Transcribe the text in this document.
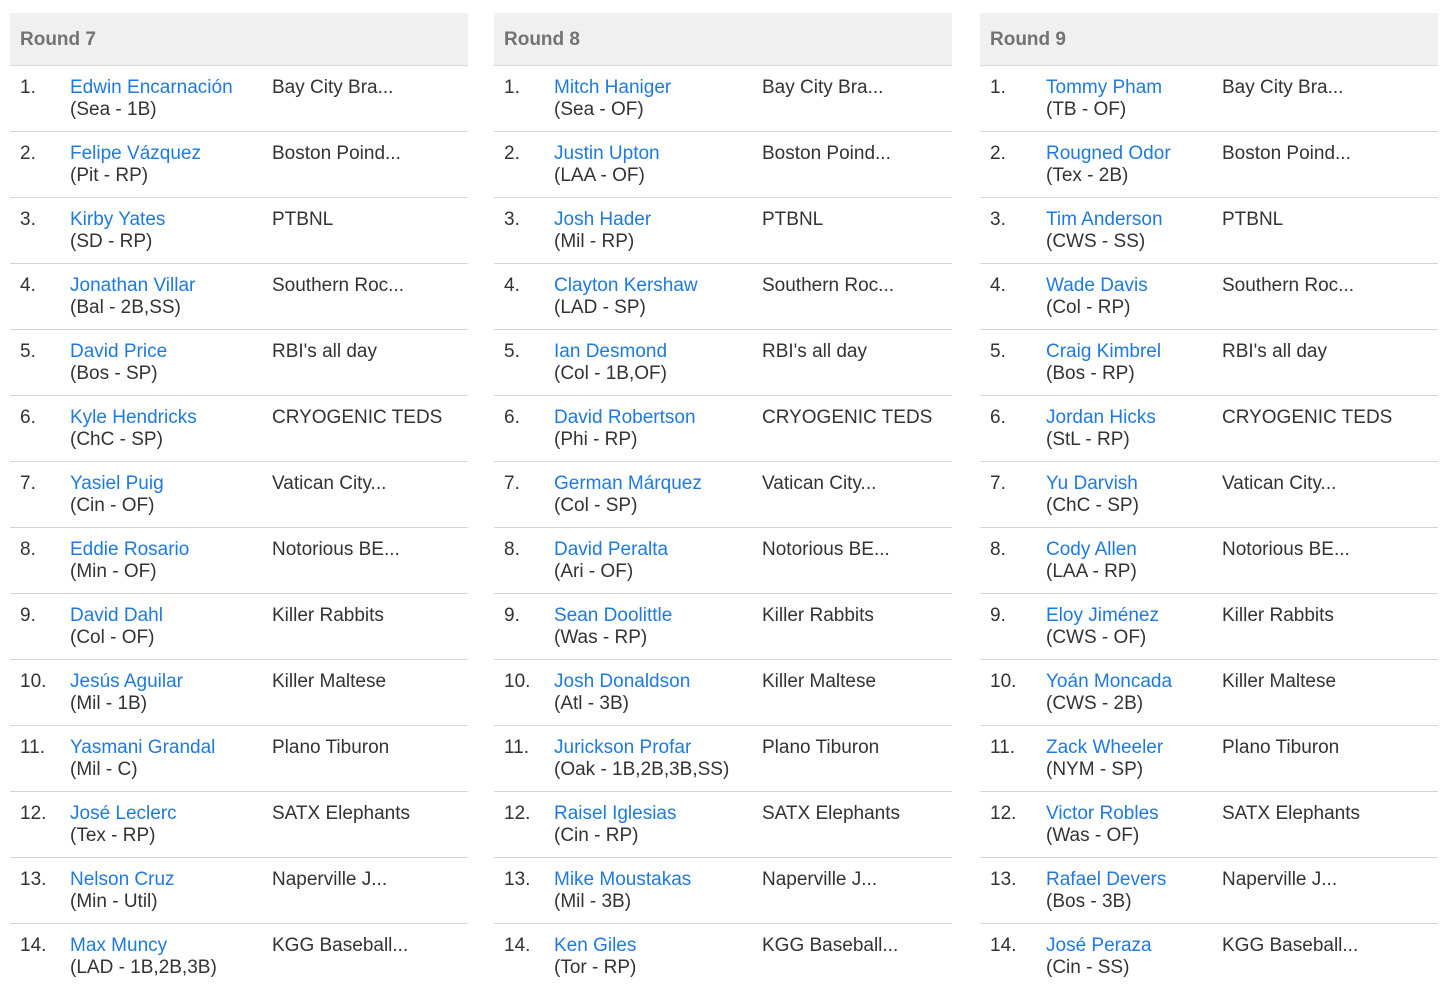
Round 7
1. Edwin Encarnación
(Sea - 1B)
Bay City Bra...
2. Felipe Vázquez
(Pit - RP)
Boston Poind...
3. Kirby Yates
(SD - RP)
PTBNL
4. Jonathan Villar
(Bal - 2B,SS)
Southern Roc...
5. David Price
(Bos - SP)
RBI's all day
6. Kyle Hendricks
(ChC - SP)
CRYOGENIC TEDS
7. Yasiel Puig
(Cin - OF)
Vatican City...
8. Eddie Rosario
(Min - OF)
Notorious BE...
9. David Dahl
(Col - OF)
Killer Rabbits
10. Jesús Aguilar
(Mil - 1B)
Killer Maltese
11. Yasmani Grandal
(Mil - C)
Plano Tiburon
12. José Leclerc
(Tex - RP)
SATX Elephants
13. Nelson Cruz
(Min - Util)
Naperville J...
14. Max Muncy
(LAD - 1B,2B,3B)
KGG Baseball...
Round 8
1. Mitch Haniger
(Sea - OF)
Bay City Bra...
2. Justin Upton
(LAA - OF)
Boston Poind...
3. Josh Hader
(Mil - RP)
PTBNL
4. Clayton Kershaw
(LAD - SP)
Southern Roc...
5. Ian Desmond
(Col - 1B,OF)
RBI's all day
6. David Robertson
(Phi - RP)
CRYOGENIC TEDS
7. German Márquez
(Col - SP)
Vatican City...
8. David Peralta
(Ari - OF)
Notorious BE...
9. Sean Doolittle
(Was - RP)
Killer Rabbits
10. Josh Donaldson
(Atl - 3B)
Killer Maltese
11. Jurickson Profar
(Oak - 1B,2B,3B,SS)
Plano Tiburon
12. Raisel Iglesias
(Cin - RP)
SATX Elephants
13. Mike Moustakas
(Mil - 3B)
Naperville J...
14. Ken Giles
(Tor - RP)
KGG Baseball...
Round 9
1. Tommy Pham
(TB - OF)
Bay City Bra...
2. Rougned Odor
(Tex - 2B)
Boston Poind...
3. Tim Anderson
(CWS - SS)
PTBNL
4. Wade Davis
(Col - RP)
Southern Roc...
5. Craig Kimbrel
(Bos - RP)
RBI's all day
6. Jordan Hicks
(StL - RP)
CRYOGENIC TEDS
7. Yu Darvish
(ChC - SP)
Vatican City...
8. Cody Allen
(LAA - RP)
Notorious BE...
9. Eloy Jiménez
(CWS - OF)
Killer Rabbits
10. Yoán Moncada
(CWS - 2B)
Killer Maltese
11. Zack Wheeler
(NYM - SP)
Plano Tiburon
12. Victor Robles
(Was - OF)
SATX Elephants
13. Rafael Devers
(Bos - 3B)
Naperville J...
14. José Peraza
(Cin - SS)
KGG Baseball...
